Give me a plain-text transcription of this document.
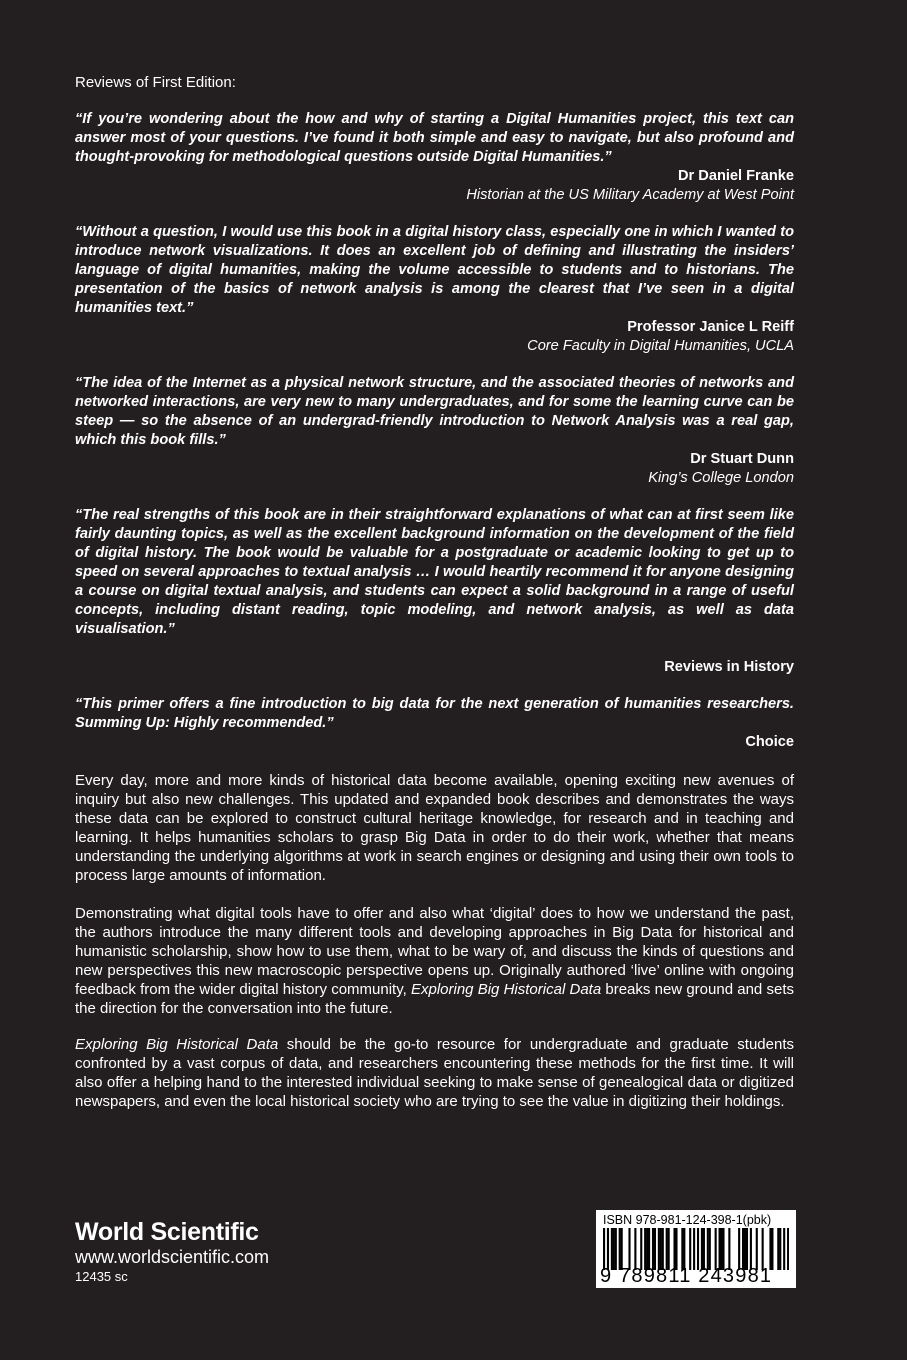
Reviews of First Edition:

“If you’re wondering about the how and why of starting a Digital Humanities project, this text can answer most of your questions. I’ve found it both simple and easy to navigate, but also profound and thought-provoking for methodological questions outside Digital Humanities.”

Dr Daniel Franke
Historian at the US Military Academy at West Point

“Without a question, I would use this book in a digital history class, especially one in which I wanted to introduce network visualizations. It does an excellent job of defining and illustrating the insiders’ language of digital humanities, making the volume accessible to students and to historians. The presentation of the basics of network analysis is among the clearest that I’ve seen in a digital humanities text.”

Professor Janice L Reiff
Core Faculty in Digital Humanities, UCLA

“The idea of the Internet as a physical network structure, and the associated theories of networks and networked interactions, are very new to many undergraduates, and for some the learning curve can be steep — so the absence of an undergrad-friendly introduction to Network Analysis was a real gap, which this book fills.”

Dr Stuart Dunn
King’s College London

“The real strengths of this book are in their straightforward explanations of what can at first seem like fairly daunting topics, as well as the excellent background information on the development of the field of digital history. The book would be valuable for a postgraduate or academic looking to get up to speed on several approaches to textual analysis … I would heartily recommend it for anyone designing a course on digital textual analysis, and students can expect a solid background in a range of useful concepts, including distant reading, topic modeling, and network analysis, as well as data visualisation.”

Reviews in History

“This primer offers a fine introduction to big data for the next generation of humanities researchers. Summing Up: Highly recommended.”

Choice

Every day, more and more kinds of historical data become available, opening exciting new avenues of inquiry but also new challenges. This updated and expanded book describes and demonstrates the ways these data can be explored to construct cultural heritage knowledge, for research and in teaching and learning. It helps humanities scholars to grasp Big Data in order to do their work, whether that means understanding the underlying algorithms at work in search engines or designing and using their own tools to process large amounts of information.

Demonstrating what digital tools have to offer and also what ‘digital’ does to how we understand the past, the authors introduce the many different tools and developing approaches in Big Data for historical and humanistic scholarship, show how to use them, what to be wary of, and discuss the kinds of questions and new perspectives this new macroscopic perspective opens up. Originally authored ‘live’ online with ongoing feedback from the wider digital history community, Exploring Big Historical Data breaks new ground and sets the direction for the conversation into the future.

Exploring Big Historical Data should be the go-to resource for undergraduate and graduate students confronted by a vast corpus of data, and researchers encountering these methods for the first time. It will also offer a helping hand to the interested individual seeking to make sense of genealogical data or digitized newspapers, and even the local historical society who are trying to see the value in digitizing their holdings.

World Scientific
www.worldscientific.com
12435 sc
ISBN 978-981-124-398-1(pbk)
9 789811 243981
